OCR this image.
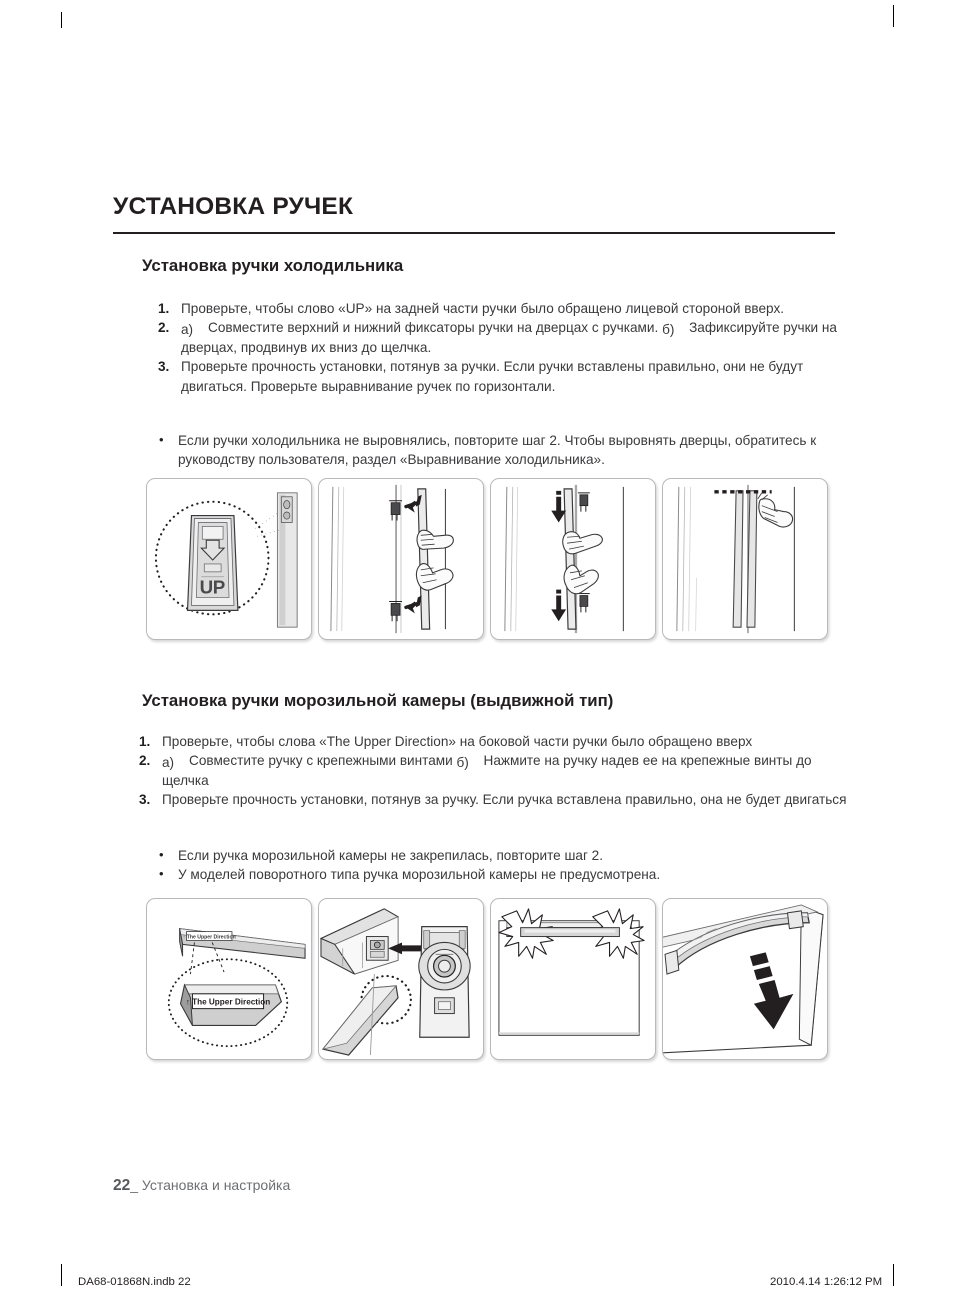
УСТАНОВКА РУЧЕК
Установка ручки холодильника
1. Проверьте, чтобы слово «UP» на задней части ручки было обращено лицевой стороной вверх.
2. а) Совместите верхний и нижний фиксаторы ручки на дверцах с ручками. б) Зафиксируйте ручки на дверцах, продвинув их вниз до щелчка.
3. Проверьте прочность установки, потянув за ручки. Если ручки вставлены правильно, они не будут двигаться. Проверьте выравнивание ручек по горизонтали.
• Если ручки холодильника не выровнялись, повторите шаг 2. Чтобы выровнять дверцы, обратитесь к руководству пользователя, раздел «Выравнивание холодильника».
UP
Установка ручки морозильной камеры (выдвижной тип)
1. Проверьте, чтобы слова «The Upper Direction» на боковой части ручки было обращено вверх
2. а) Совместите ручку с крепежными винтами б) Нажмите на ручку надев ее на крепежные винты до щелчка
3. Проверьте прочность установки, потянув за ручку. Если ручка вставлена правильно, она не будет двигаться
• Если ручка морозильной камеры не закрепилась, повторите шаг 2.
• У моделей поворотного типа ручка морозильной камеры не предусмотрена.
↑ The Upper Direction
↑ The Upper Direction
22_ Установка и настройка
DA68-01868N.indb 22	2010.4.14 1:26:12 PM
